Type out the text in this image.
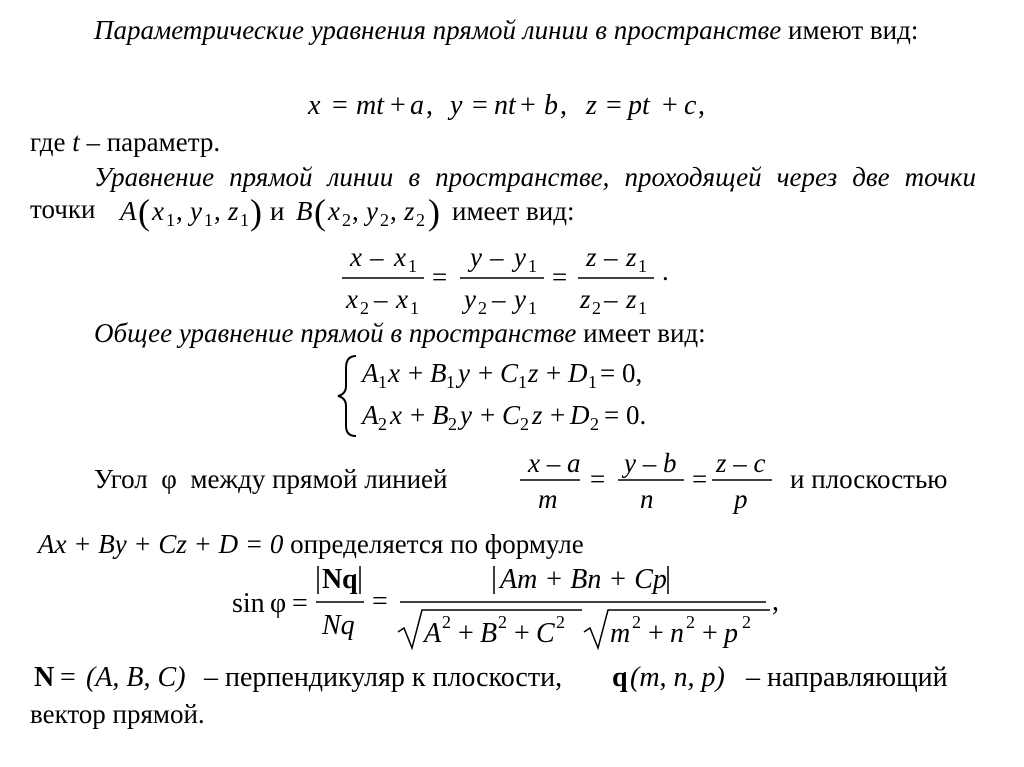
Параметрические уравнения прямой линии в пространстве имеют вид:
x = mt + a , y = nt + b , z = pt + c ,
где t – параметр.
Уравнение прямой линии в пространстве, проходящей через две точки
A ( x 1 , y 1 , z 1 ) и B ( x 2 , y 2 , z 2 ) имеет вид:
точки
x – x 1
x 2 – x 1
=
y – y 1
y 2 – y 1
=
z – z 1
z 2 – z 1
.
Общее уравнение прямой в пространстве имеет вид:
A 1 x + B 1 y + C 1 z + D 1 = 0,
A 2 x + B 2 y + C 2 z + D 2 = 0.
Угол φ между прямой линией
x – a
m
=
y – b
n
=
z – c
p
и плоскостью
Ax + By + Cz + D = 0 определяется по формуле
sin φ =
N q
Nq
=
Am + Bn + Cp
A 2 + B 2 + C 2 m 2 + n 2 + p 2
,
N = (A, B, C) – перпендикуляр к плоскости, q (m, n, p) – направляющий
вектор прямой.
